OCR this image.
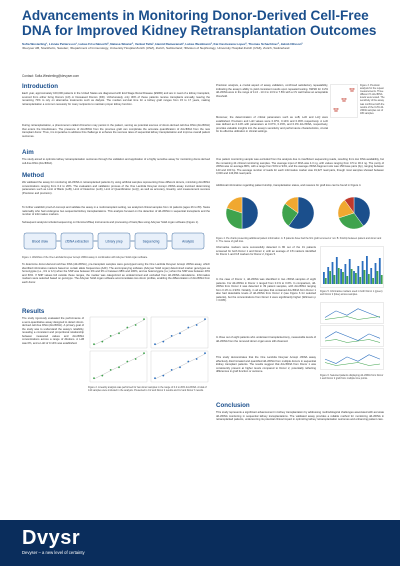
Advancements in Monitoring Donor-Derived Cell-Free DNA for Improved Kidney Retransplantation Outcomes
Sofia Westerling¹, Linnéa Pettersson¹, Lukas Frischknecht², Natasa Sikanic², Venkat Talla¹, Hamid Ramezanali¹, Lukas Weidmann², Kai Castrezana Lopez², Thomas Schachtner², Jakob Nilsson²
¹Devyser AB, Stockholm, Sweden; ²Department of Immunology, University Hospital Zurich (USZ), Zurich, Switzerland; ³Division of Nephrology, University Hospital Zurich (USZ), Zurich, Switzerland
Contact: Sofia.Westerling@devyser.com
Introduction
Each year, approximately 100,000 patients in the United States are diagnosed with End Stage Renal Disease (ESRD) and are in need of a kidney transplant, sourced from either living Donors (LD) or Deceased Donors (DD). Unfortunately, only 30% of these patients receive transplants annually, leaving the remaining 70% to rely on alternative treatments such as dialysis. The median survival time for a kidney graft ranges from 15 to 17 years, making retransplantation a common necessity for many recipients to maintain proper kidney function.
During retransplantation, a phenomenon called chimerism may persist in the patient, serving as potential sources of donor-derived cell-free DNA (dd-cfDNA) that enters the bloodstream. The presence of dd-cfDNA from the previous graft can complicate the accurate quantification of dd-cfDNA from the new transplant donor. Thus, it is imperative to address this challenge to enhance the success rates of sequential kidney transplantation and improve overall patient outcomes.
Aim
The study aimed to optimize kidney retransplantation outcomes through the validation and application of a highly sensitive assay for monitoring donor-derived cell-free DNA (dd-cfDNA).
Method
We validated the assay for monitoring dd-cfDNA in retransplanted patients by using artificial samples representing three different donors, mimicking dd-cfDNA concentrations ranging from 0.2 to 20%. The evaluation and validation process of the One Lambda Devyser Accept cfDNA assay involved determining parameters such as Limit of Blank (LoB), Limit of Detection (LoD), Limit of Quantification (LoQ), as well as accuracy, linearity, and measurement success (Precision and precision).
To further establish proof-of-concept and validate the assay in a multi-transplant setting, we analyzed clinical samples from 11 patients (ages 26 to 80). Swiss nationality who had undergone two sequential kidney transplantations. This analysis focused on the detection of dd-cfDNA in sequential transplants and the number of informative markers.
Subsequent analysis included sequencing on Illumina MiSeq instruments and processing of fastq files using Advyser Solid organ software (Figure 1).
Blood draw	cfDNA extraction	Library prep	Sequencing	Analysis
Figure 1. Workflow of the One Lambda Devyser Accept cfDNA assay in combination with Advyser Solid organ software.
To determine donor-derived cell-free DNA (dd-cfDNA), pre-transplant samples were genotyped using the One Lambda Devyser Accept cfDNA assay, which identified informative markers based on certain allele frequencies (AAF). The accompanying software (Advyser Solid organ) determined marker genotypes as homozygote (i.e., 0/1 or 1/1) when the SNP was between 0% and 3% or between 98% and 100%, and as heterozygote (i.e.) when the SNP was between 40% and 60%. If SNP values fell outside these ranges, the marker was categorized as undetermined and excluded from dd-cfDNA calculations. Informative markers were selected based on genotype. The Advyser Solid organ software accommodates two donor profiles, enabling the differentiation of dd-cfDNA from each donor.
Results
The study rigorously evaluated the performance of a semi-quantitative assay designed to detect donor-derived cell-free DNA (dd-cfDNA). A primary goal of the study was to understand the assay's reliability, revealing a consistent and proportional relationship between measured values and dd-cfDNA concentrations across a range of dilutions. A LoB was 0%, and a LoD of 0.14% was established.
Figure 2. Linearity analysis was performed for two donor samples in the range of 0.2 to 20% dd-cfDNA. A total of 144 samples were included in the analysis. Presented is 0.2 and Donor 2 results and 0.2 and Donor 3 results.
Precision analysis, a crucial aspect of assay validation, confirmed satisfactory repeatability, indicating the assay's ability to yield consistent results upon repeated testing. %RSD for 0.2% dd-cfDNA were in the range of 11.0 - 13.4 to 13.9 to 7.8% with a CV well below an acceptable threshold.
Moreover, the determination of critical parameters such as LoB, LoD and LoQ were established. Precision and LoD values were 0.07%, 0.14% and 0.36% respectively. A LoD was defined as 0.14% with parameters at 0.07%, 0.15%, and 0.3% dd-cfDNA, respectively, provides valuable insights into the assay's sensitivity and performance characteristics, crucial for its effective utilization in clinical settings.
Figure 3. Precision analysis for the repeat measurements. Three different % dd-cfDNA levels were tested. The sensitivity of the assay was confirmed with the results of the 0.2% dd-cfDNA samples out of 180 samples.
One patient monitoring sample was excluded from the analysis due to insufficient sequencing reads, resulting from low DNA availability, but the remaining 44 clinical monitoring samples. The average input of DNA was 4.3 ng, with values ranging from 0.5 to 30.2 ng. The purity of cfDNA was on average 80%, with a range from 54% to 94%, and the average cfDNA fragment size was 156 base pairs (bp), ranging between 143 and 163 bp. The average number of reads for each informative marker was 19,327 read pairs, though most samples showed between 3,000 and 143,394 read pairs.
Additional information regarding patient kinship, transplantation status, and reasons for graft loss can be found in Figure 4.
Figure 4. Pie charts presenting additional patient information. A: 8 patients have had the first graft removed or not. B: Kinship between patient and donor and C: The cause of graft loss.
Informative markers were successfully detected in 80 out of the 31 patients screened for both Donor 1 and Donor 2, with an average of 3.8 markers identified for Donor 1 and 6.8 markers for Donor 2, Figure 5.
In the case of Donor 1, dd-cfDNA was identified in two cfDNA samples of eight patients. For dd-cfDNA in Donor 1 ranged from 0.1% to 0.6%. In comparison, dd-cfDNA from Donor 2 was detected in 39 patient samples, with dd-cfDNA ranging from 0.1% to 4.93%. Notably, in all samples that contained dd-cfDNA from Donor 1 also had detectable levels of dd-cfDNA from Donor 2 (see Figure 6 for selected patients), but the concentrations from Donor 2 were significantly higher (Wilcoxon p = 0.005).
In three out of eight patients who underwent transplantectomy, measurable levels of dd-cfDNA from the removed donor organ were still observed.
This study demonstrates that the One Lambda Devyser Accept cfDNA assay effectively discriminated and quantified dd-cfDNA from multiple donors in sequential kidney transplant patients. The results suggest that dd-cfDNA from Donor 1 was consistently present at higher levels compared to Donor 2, potentially reflecting differences in graft function or outcome.
Figure 5. Informative markers used in both Donor 1 (green) and Donor 2 (blue) across samples.
Figure 6. Selected patients displaying dd-cfDNA from Donor 1 and Donor 2 graft from multiple time points.
Conclusion
This study represents a significant advancement in kidney transplantation by addressing methodological challenges associated with accurate dd-cfDNA monitoring in sequential kidney transplantations. The validated assay provides a reliable method for monitoring dd-cfDNA in retransplanted patients, underscoring its potential clinical impact in optimizing kidney retransplantation outcomes and enhancing patient care.
Dvysr
Devyser – a new level of certainty
